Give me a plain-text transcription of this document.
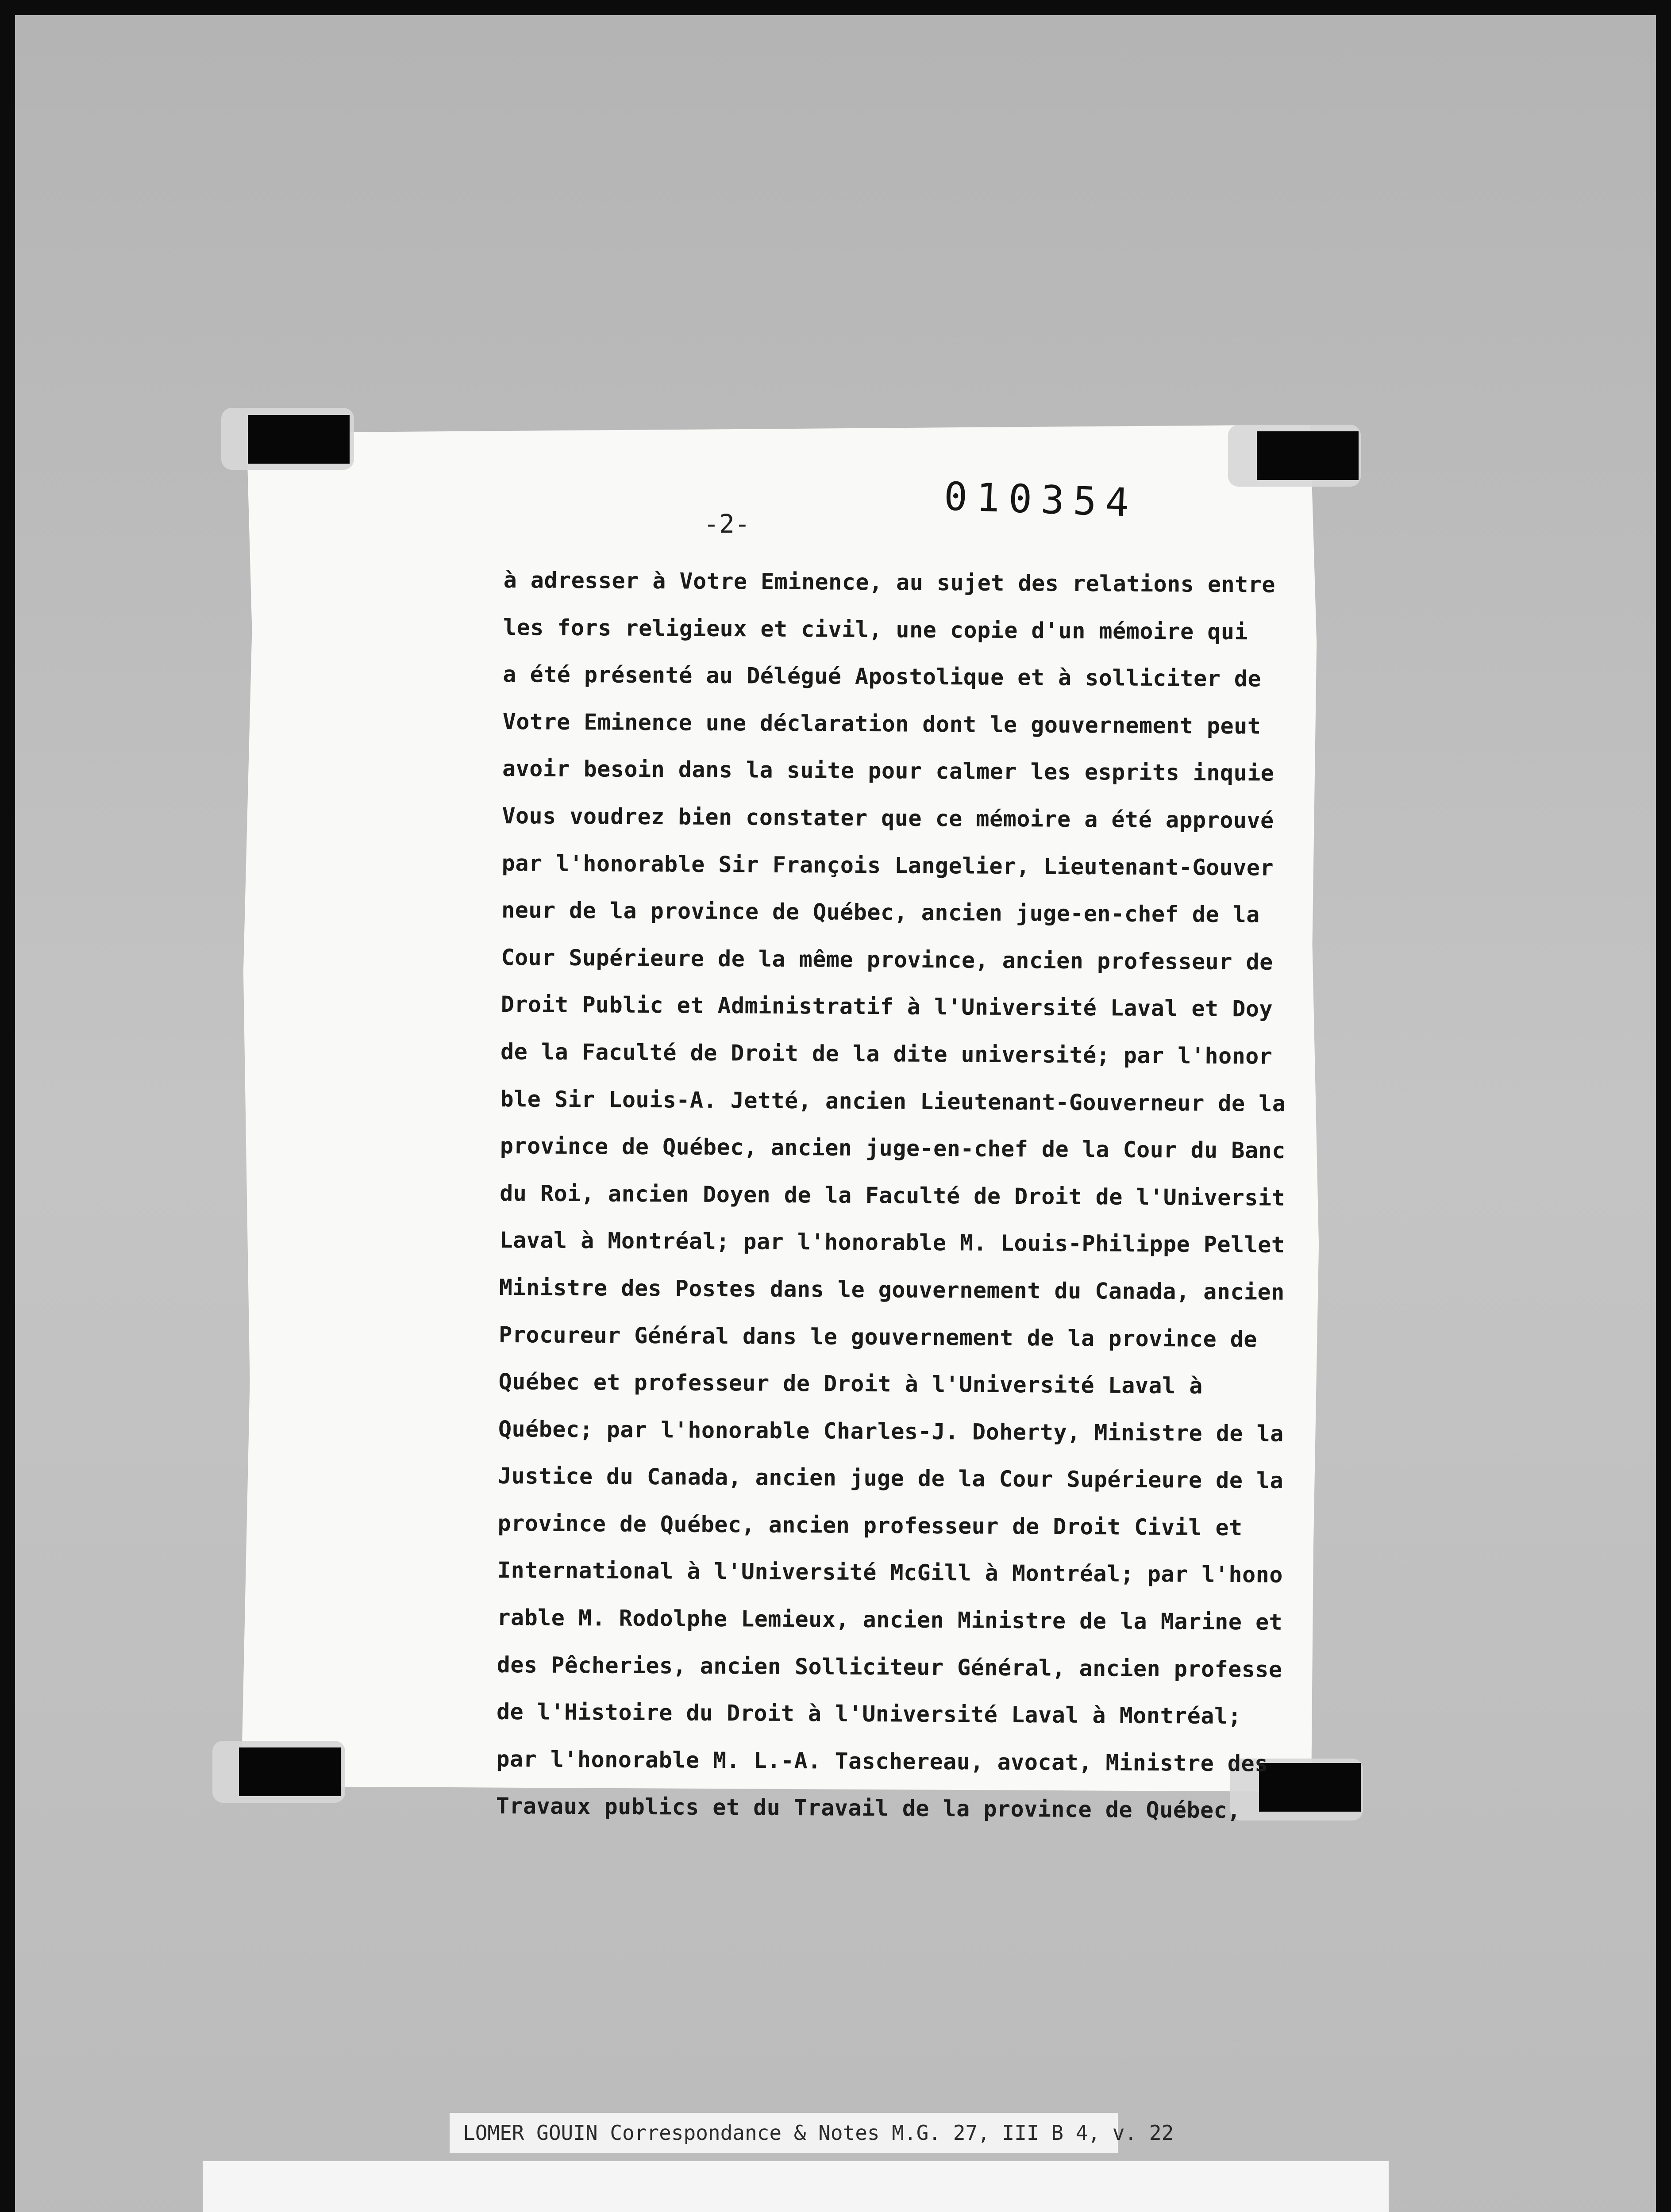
010354
-2-
à adresser à Votre Eminence, au sujet des relations entre
les fors religieux et civil, une copie d'un mémoire qui
a été présenté au Délégué Apostolique et à solliciter de
Votre Eminence une déclaration dont le gouvernement peut
avoir besoin dans la suite pour calmer les esprits inquie
Vous voudrez bien constater que ce mémoire a été approuvé
par l'honorable Sir François Langelier, Lieutenant-Gouver
neur de la province de Québec, ancien juge-en-chef de la
Cour Supérieure de la même province, ancien professeur de
Droit Public et Administratif à l'Université Laval et Doy
de la Faculté de Droit de la dite université; par l'honor
ble Sir Louis-A. Jetté, ancien Lieutenant-Gouverneur de la
province de Québec, ancien juge-en-chef de la Cour du Banc
du Roi, ancien Doyen de la Faculté de Droit de l'Universit
Laval à Montréal; par l'honorable M. Louis-Philippe Pellet
Ministre des Postes dans le gouvernement du Canada, ancien
Procureur Général dans le gouvernement de la province de
Québec et professeur de Droit à l'Université Laval à
Québec; par l'honorable Charles-J. Doherty, Ministre de la
Justice du Canada, ancien juge de la Cour Supérieure de la
province de Québec, ancien professeur de Droit Civil et
International à l'Université McGill à Montréal; par l'hono
rable M. Rodolphe Lemieux, ancien Ministre de la Marine et
des Pêcheries, ancien Solliciteur Général, ancien professe
de l'Histoire du Droit à l'Université Laval à Montréal;
par l'honorable M. L.-A. Taschereau, avocat, Ministre des
Travaux publics et du Travail de la province de Québec,
LOMER GOUIN Correspondance & Notes M.G. 27, III B 4, v. 22
